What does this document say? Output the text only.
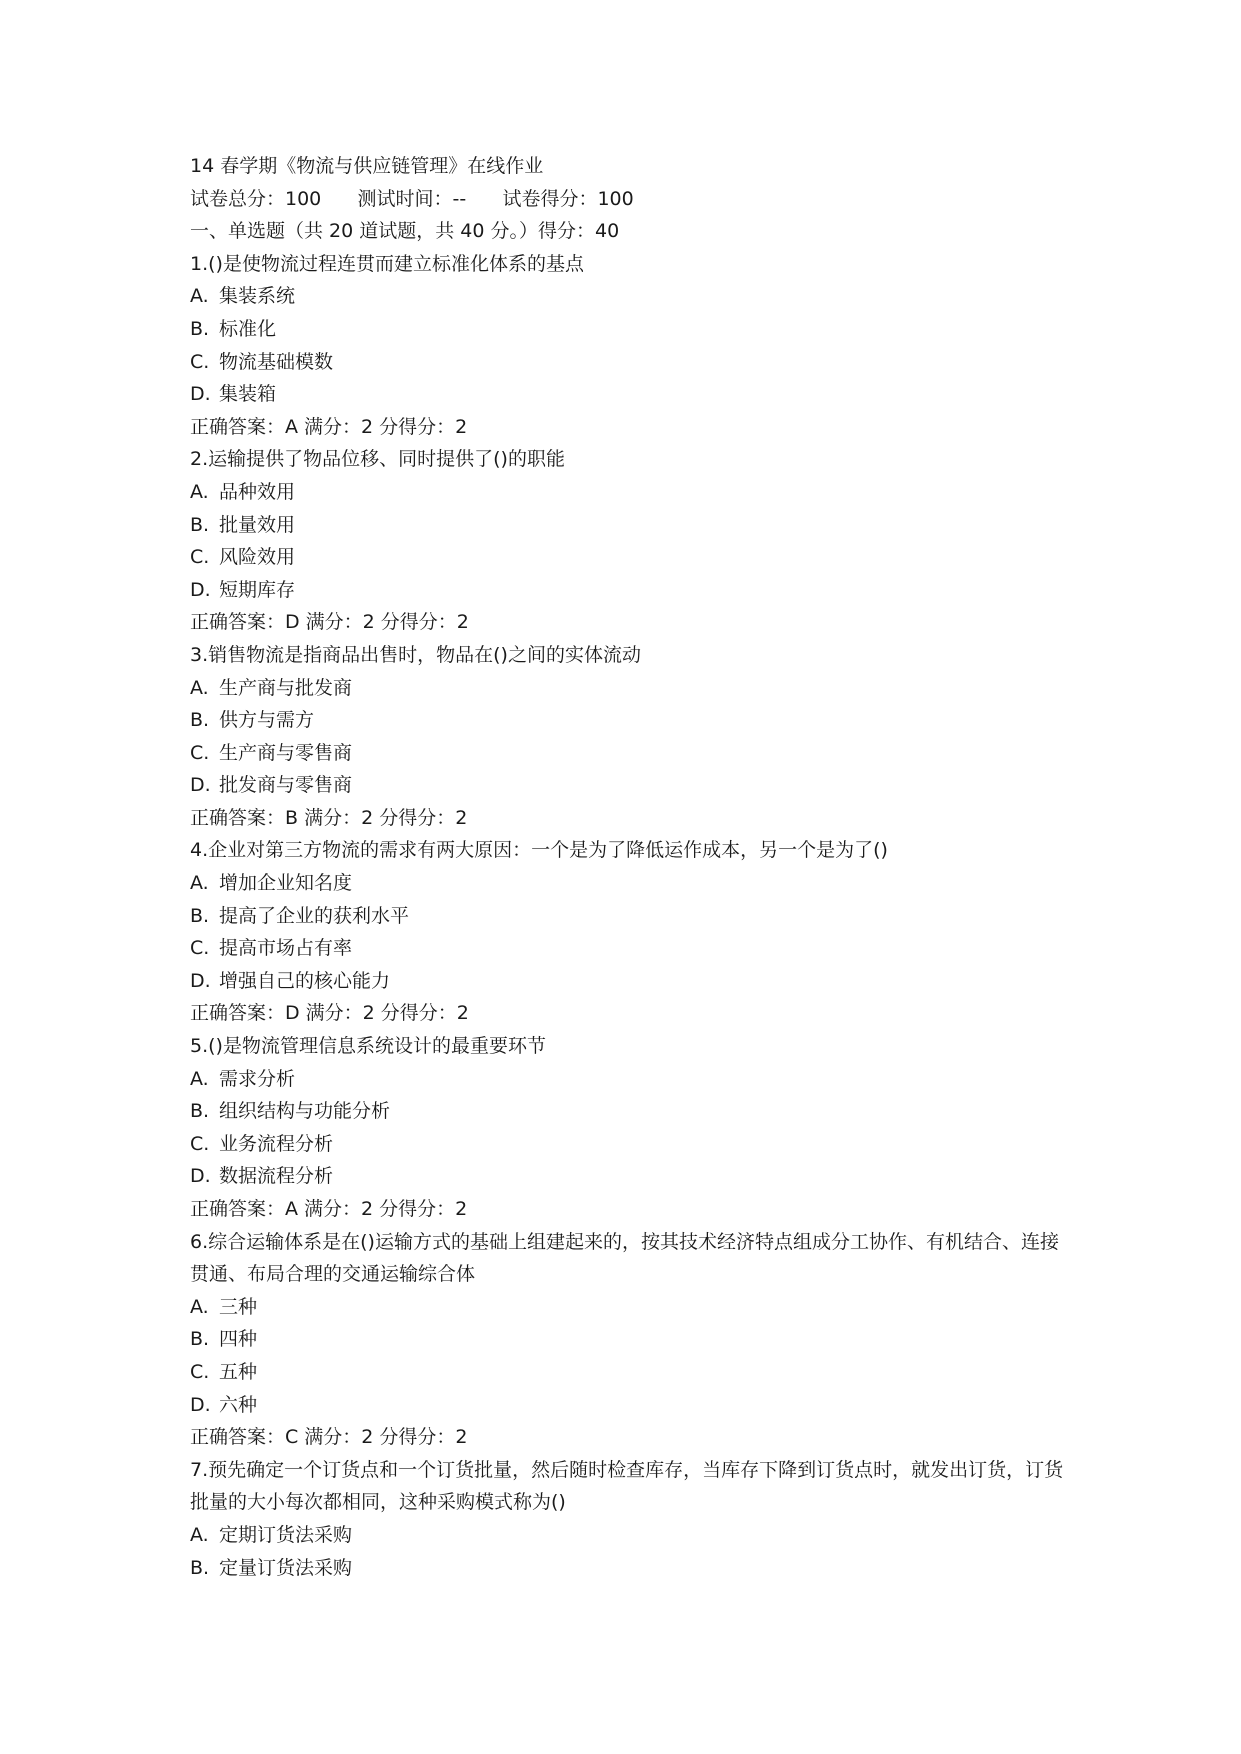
14 春学期《物流与供应链管理》在线作业
试卷总分：100      测试时间：--      试卷得分：100
一、单选题（共 20 道试题，共 40 分。）得分：40
1.()是使物流过程连贯而建立标准化体系的基点
A. 集装系统
B. 标准化
C. 物流基础模数
D. 集装箱
正确答案：A 满分：2 分得分：2
2.运输提供了物品位移、同时提供了()的职能
A. 品种效用
B. 批量效用
C. 风险效用
D. 短期库存
正确答案：D 满分：2 分得分：2
3.销售物流是指商品出售时，物品在()之间的实体流动
A. 生产商与批发商
B. 供方与需方
C. 生产商与零售商
D. 批发商与零售商
正确答案：B 满分：2 分得分：2
4.企业对第三方物流的需求有两大原因：一个是为了降低运作成本，另一个是为了()
A. 增加企业知名度
B. 提高了企业的获利水平
C. 提高市场占有率
D. 增强自己的核心能力
正确答案：D 满分：2 分得分：2
5.()是物流管理信息系统设计的最重要环节
A. 需求分析
B. 组织结构与功能分析
C. 业务流程分析
D. 数据流程分析
正确答案：A 满分：2 分得分：2
6.综合运输体系是在()运输方式的基础上组建起来的，按其技术经济特点组成分工协作、有机结合、连接贯通、布局合理的交通运输综合体
A. 三种
B. 四种
C. 五种
D. 六种
正确答案：C 满分：2 分得分：2
7.预先确定一个订货点和一个订货批量，然后随时检查库存，当库存下降到订货点时，就发出订货，订货批量的大小每次都相同，这种采购模式称为()
A. 定期订货法采购
B. 定量订货法采购
